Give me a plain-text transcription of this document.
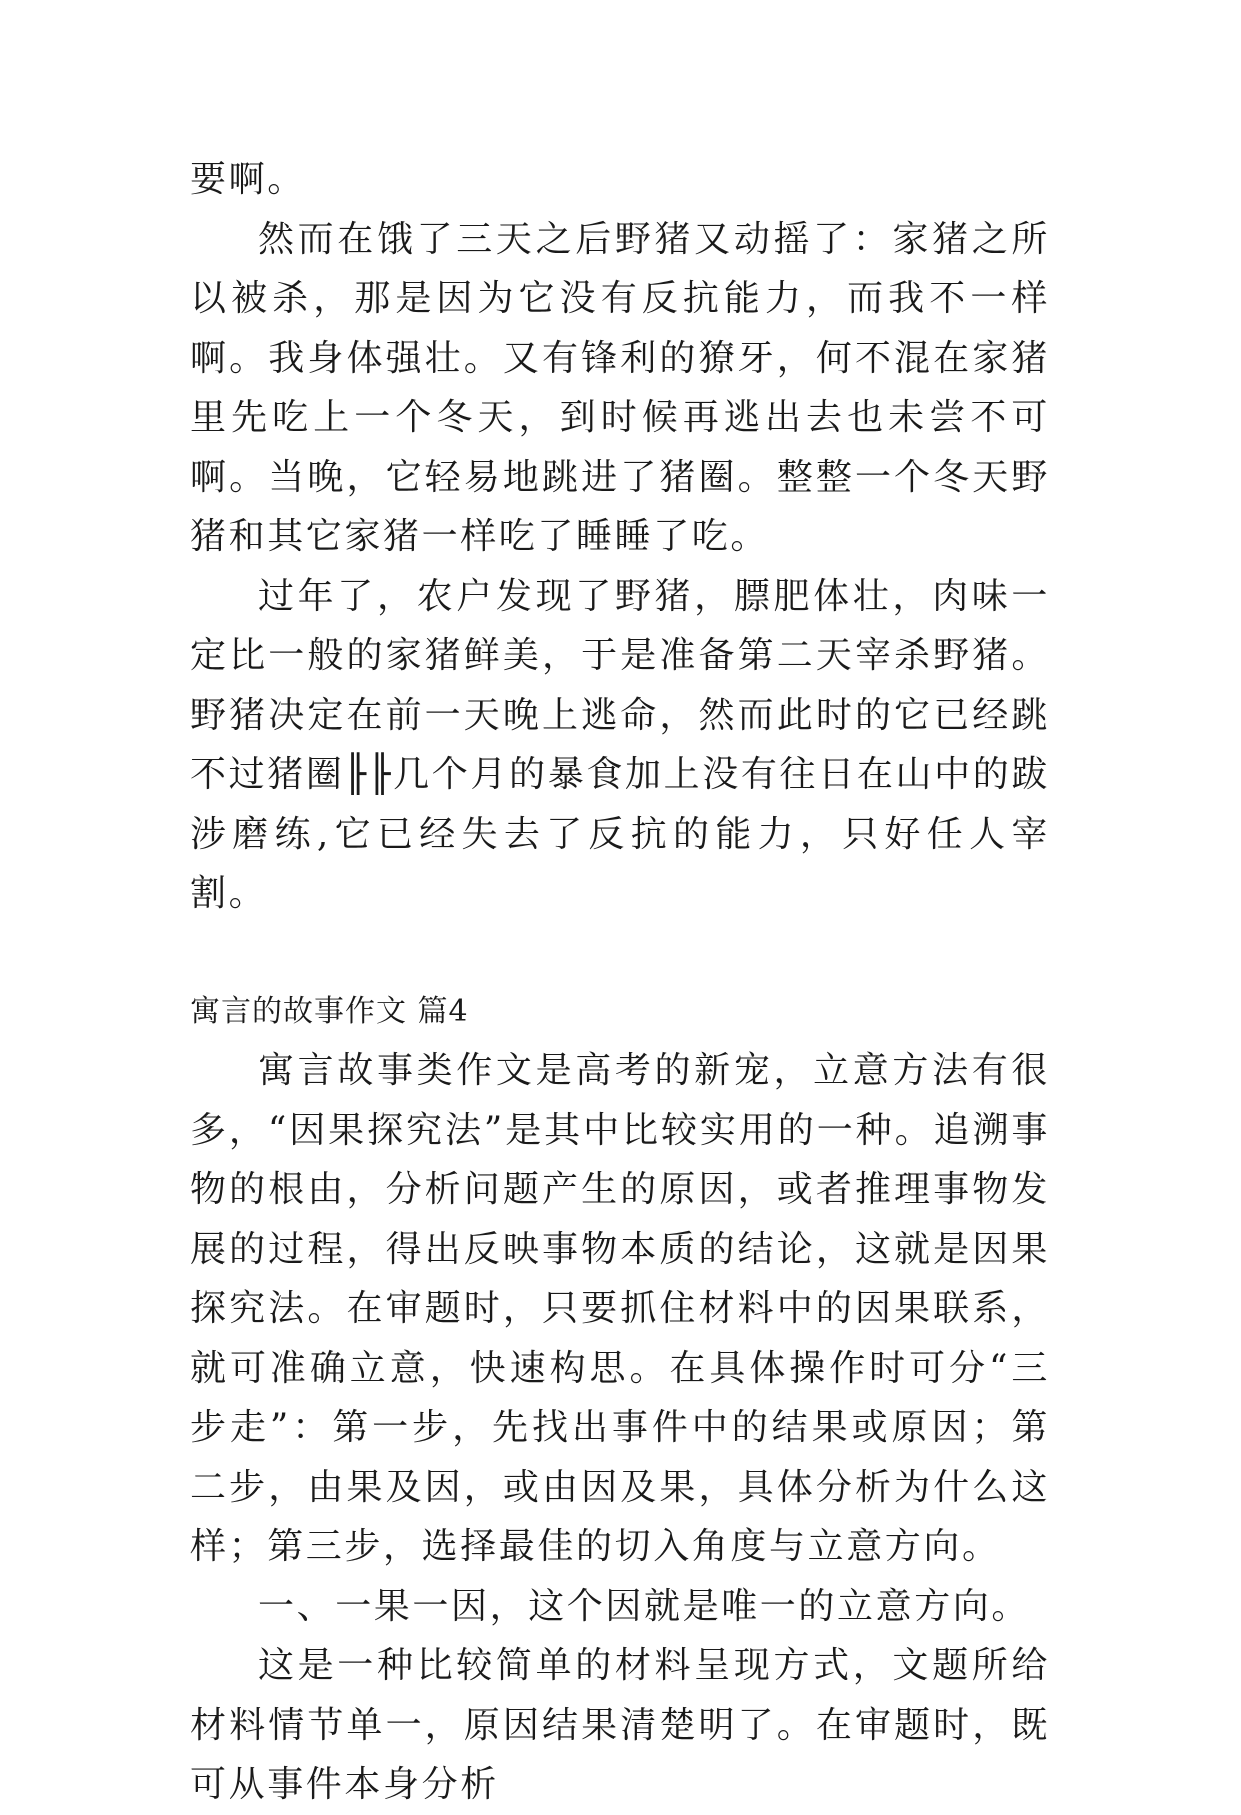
要啊。

然而在饿了三天之后野猪又动摇了：家猪之所以被杀，那是因为它没有反抗能力，而我不一样啊。我身体强壮。又有锋利的獠牙，何不混在家猪里先吃上一个冬天，到时候再逃出去也未尝不可啊。当晚，它轻易地跳进了猪圈。整整一个冬天野猪和其它家猪一样吃了睡睡了吃。

过年了，农户发现了野猪，膘肥体壮，肉味一定比一般的家猪鲜美，于是准备第二天宰杀野猪。野猪决定在前一天晚上逃命，然而此时的它已经跳不过猪圈╟╟几个月的暴食加上没有往日在山中的跋涉磨练,它已经失去了反抗的能力，只好任人宰割。

寓言的故事作文 篇4

寓言故事类作文是高考的新宠，立意方法有很多，“因果探究法”是其中比较实用的一种。追溯事物的根由，分析问题产生的原因，或者推理事物发展的过程，得出反映事物本质的结论，这就是因果探究法。在审题时，只要抓住材料中的因果联系，就可准确立意，快速构思。在具体操作时可分“三步走”：第一步，先找出事件中的结果或原因；第二步，由果及因，或由因及果，具体分析为什么这样；第三步，选择最佳的切入角度与立意方向。

一、一果一因，这个因就是唯一的立意方向。

这是一种比较简单的材料呈现方式，文题所给材料情节单一，原因结果清楚明了。在审题时，既可从事件本身分析
